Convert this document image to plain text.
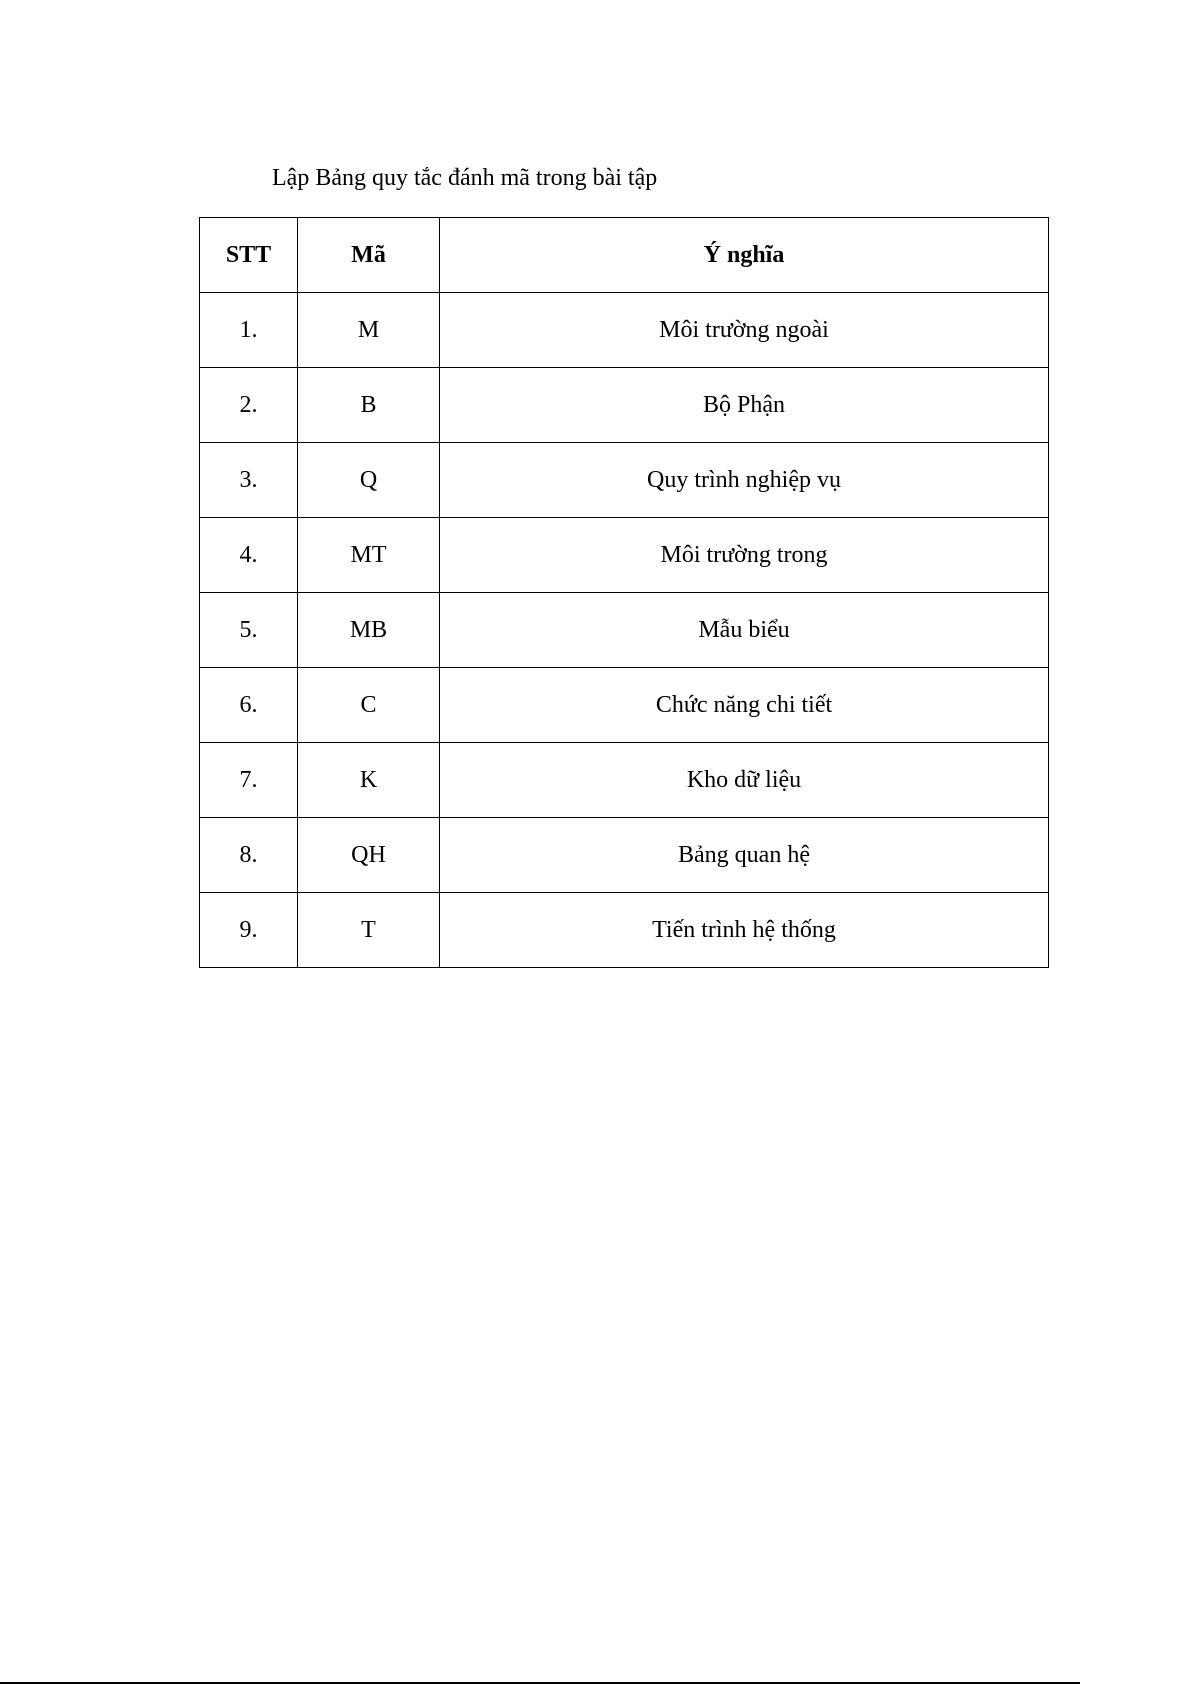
Lập Bảng quy tắc đánh mã trong bài tập
STT	Mã	Ý nghĩa
1.	M	Môi trường ngoài
2.	B	Bộ Phận
3.	Q	Quy trình nghiệp vụ
4.	MT	Môi trường trong
5.	MB	Mẫu biểu
6.	C	Chức năng chi tiết
7.	K	Kho dữ liệu
8.	QH	Bảng quan hệ
9.	T	Tiến trình hệ thống
